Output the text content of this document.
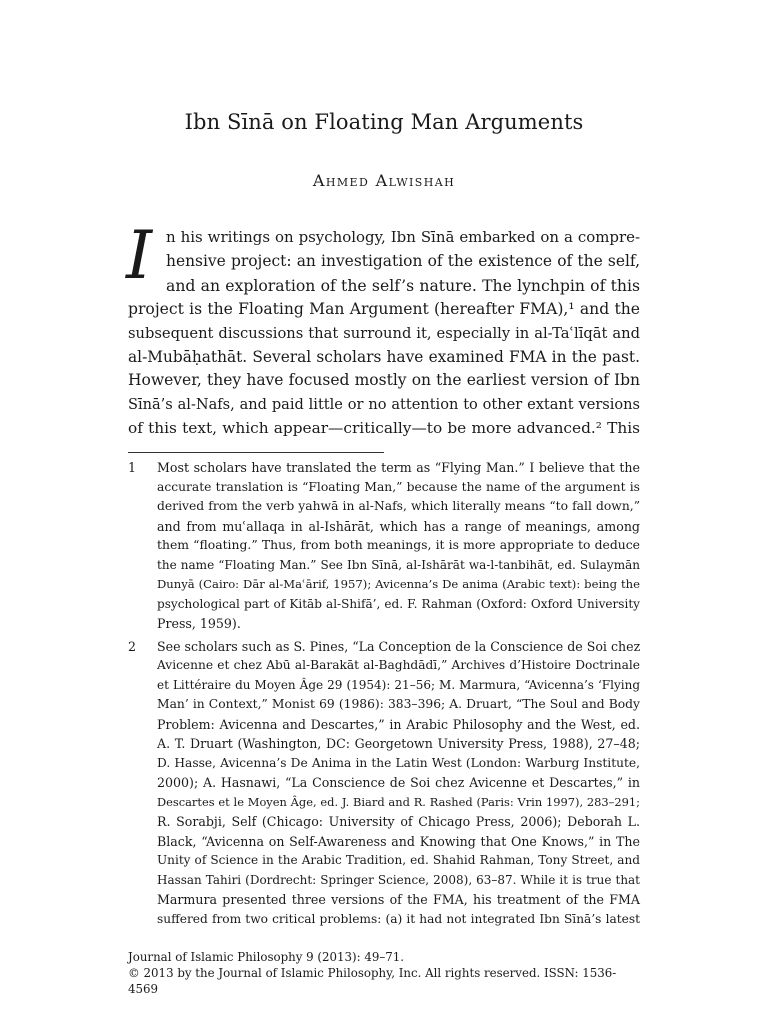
Ibn Sīnā on Floating Man Arguments
Ahmed Alwishah
I n his writings on psychology, Ibn Sīnā embarked on a compre-
hensive project: an investigation of the existence of the self,
and an exploration of the self’s nature. The lynchpin of this
project is the Floating Man Argument (hereafter FMA),¹ and the
subsequent discussions that surround it, especially in al-Taʿlīqāt and
al-Mubāḥathāt. Several scholars have examined FMA in the past.
However, they have focused mostly on the earliest version of Ibn
Sīnā’s al-Nafs, and paid little or no attention to other extant versions
of this text, which appear—critically—to be more advanced.² This
1	Most scholars have translated the term as “Flying Man.” I believe that the
accurate translation is “Floating Man,” because the name of the argument is
derived from the verb yahwā in al-Nafs, which literally means “to fall down,”
and from muʿallaqa in al-Ishārāt, which has a range of meanings, among
them “floating.” Thus, from both meanings, it is more appropriate to deduce
the name “Floating Man.” See Ibn Sīnā, al-Ishārāt wa-l-tanbihāt, ed. Sulaymān
Dunyā (Cairo: Dār al-Maʿārif, 1957); Avicenna’s De anima (Arabic text): being the
psychological part of Kitāb al-Shifā’, ed. F. Rahman (Oxford: Oxford University
Press, 1959).
2	See scholars such as S. Pines, “La Conception de la Conscience de Soi chez
Avicenne et chez Abū al-Barakāt al-Baghdādī,” Archives d’Histoire Doctrinale
et Littéraire du Moyen Âge 29 (1954): 21–56; M. Marmura, “Avicenna’s ‘Flying
Man’ in Context,” Monist 69 (1986): 383–396; A. Druart, “The Soul and Body
Problem: Avicenna and Descartes,” in Arabic Philosophy and the West, ed.
A. T. Druart (Washington, DC: Georgetown University Press, 1988), 27–48;
D. Hasse, Avicenna’s De Anima in the Latin West (London: Warburg Institute,
2000); A. Hasnawi, “La Conscience de Soi chez Avicenne et Descartes,” in
Descartes et le Moyen Âge, ed. J. Biard and R. Rashed (Paris: Vrin 1997), 283–291;
R. Sorabji, Self (Chicago: University of Chicago Press, 2006); Deborah L.
Black, “Avicenna on Self-Awareness and Knowing that One Knows,” in The
Unity of Science in the Arabic Tradition, ed. Shahid Rahman, Tony Street, and
Hassan Tahiri (Dordrecht: Springer Science, 2008), 63–87. While it is true that
Marmura presented three versions of the FMA, his treatment of the FMA
suffered from two critical problems: (a) it had not integrated Ibn Sīnā’s latest
Journal of Islamic Philosophy 9 (2013): 49–71.
© 2013 by the Journal of Islamic Philosophy, Inc. All rights reserved. ISSN: 1536-4569
